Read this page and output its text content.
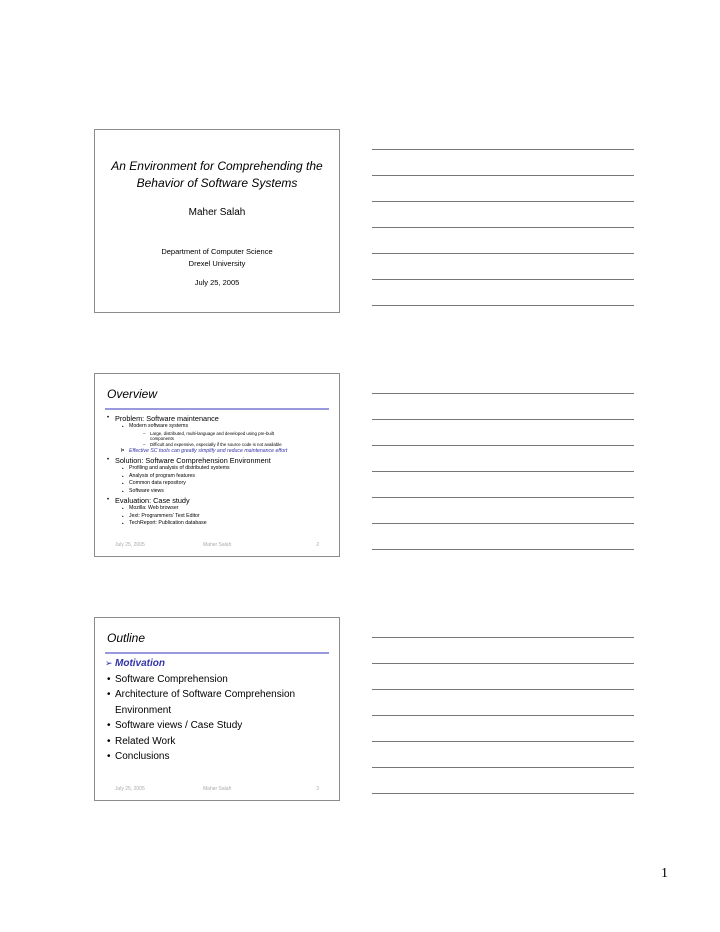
An Environment for Comprehending the
Behavior of Software Systems
Maher Salah
Department of Computer Science
Drexel University
July 25, 2005
Overview
• Problem: Software maintenance
• Modern software systems
– Large, distributed, multi-language and developed using pre-built
components
– Difficult and expensive, especially if the source code is not available
Þ Effective SC tools can greatly simplify and reduce maintenance effort
• Solution: Software Comprehension Environment
• Profiling and analysis of distributed systems
• Analysis of program features
• Common data repository
• Software views
• Evaluation: Case study
• Mozilla: Web browser
• Jext: Programmers' Text Editor
• TechReport: Publication database
July 25, 2005	Maher Salah	2
Outline
➢ Motivation
• Software Comprehension
• Architecture of Software Comprehension
Environment
• Software views / Case Study
• Related Work
• Conclusions
July 25, 2005	Maher Salah	3
1
